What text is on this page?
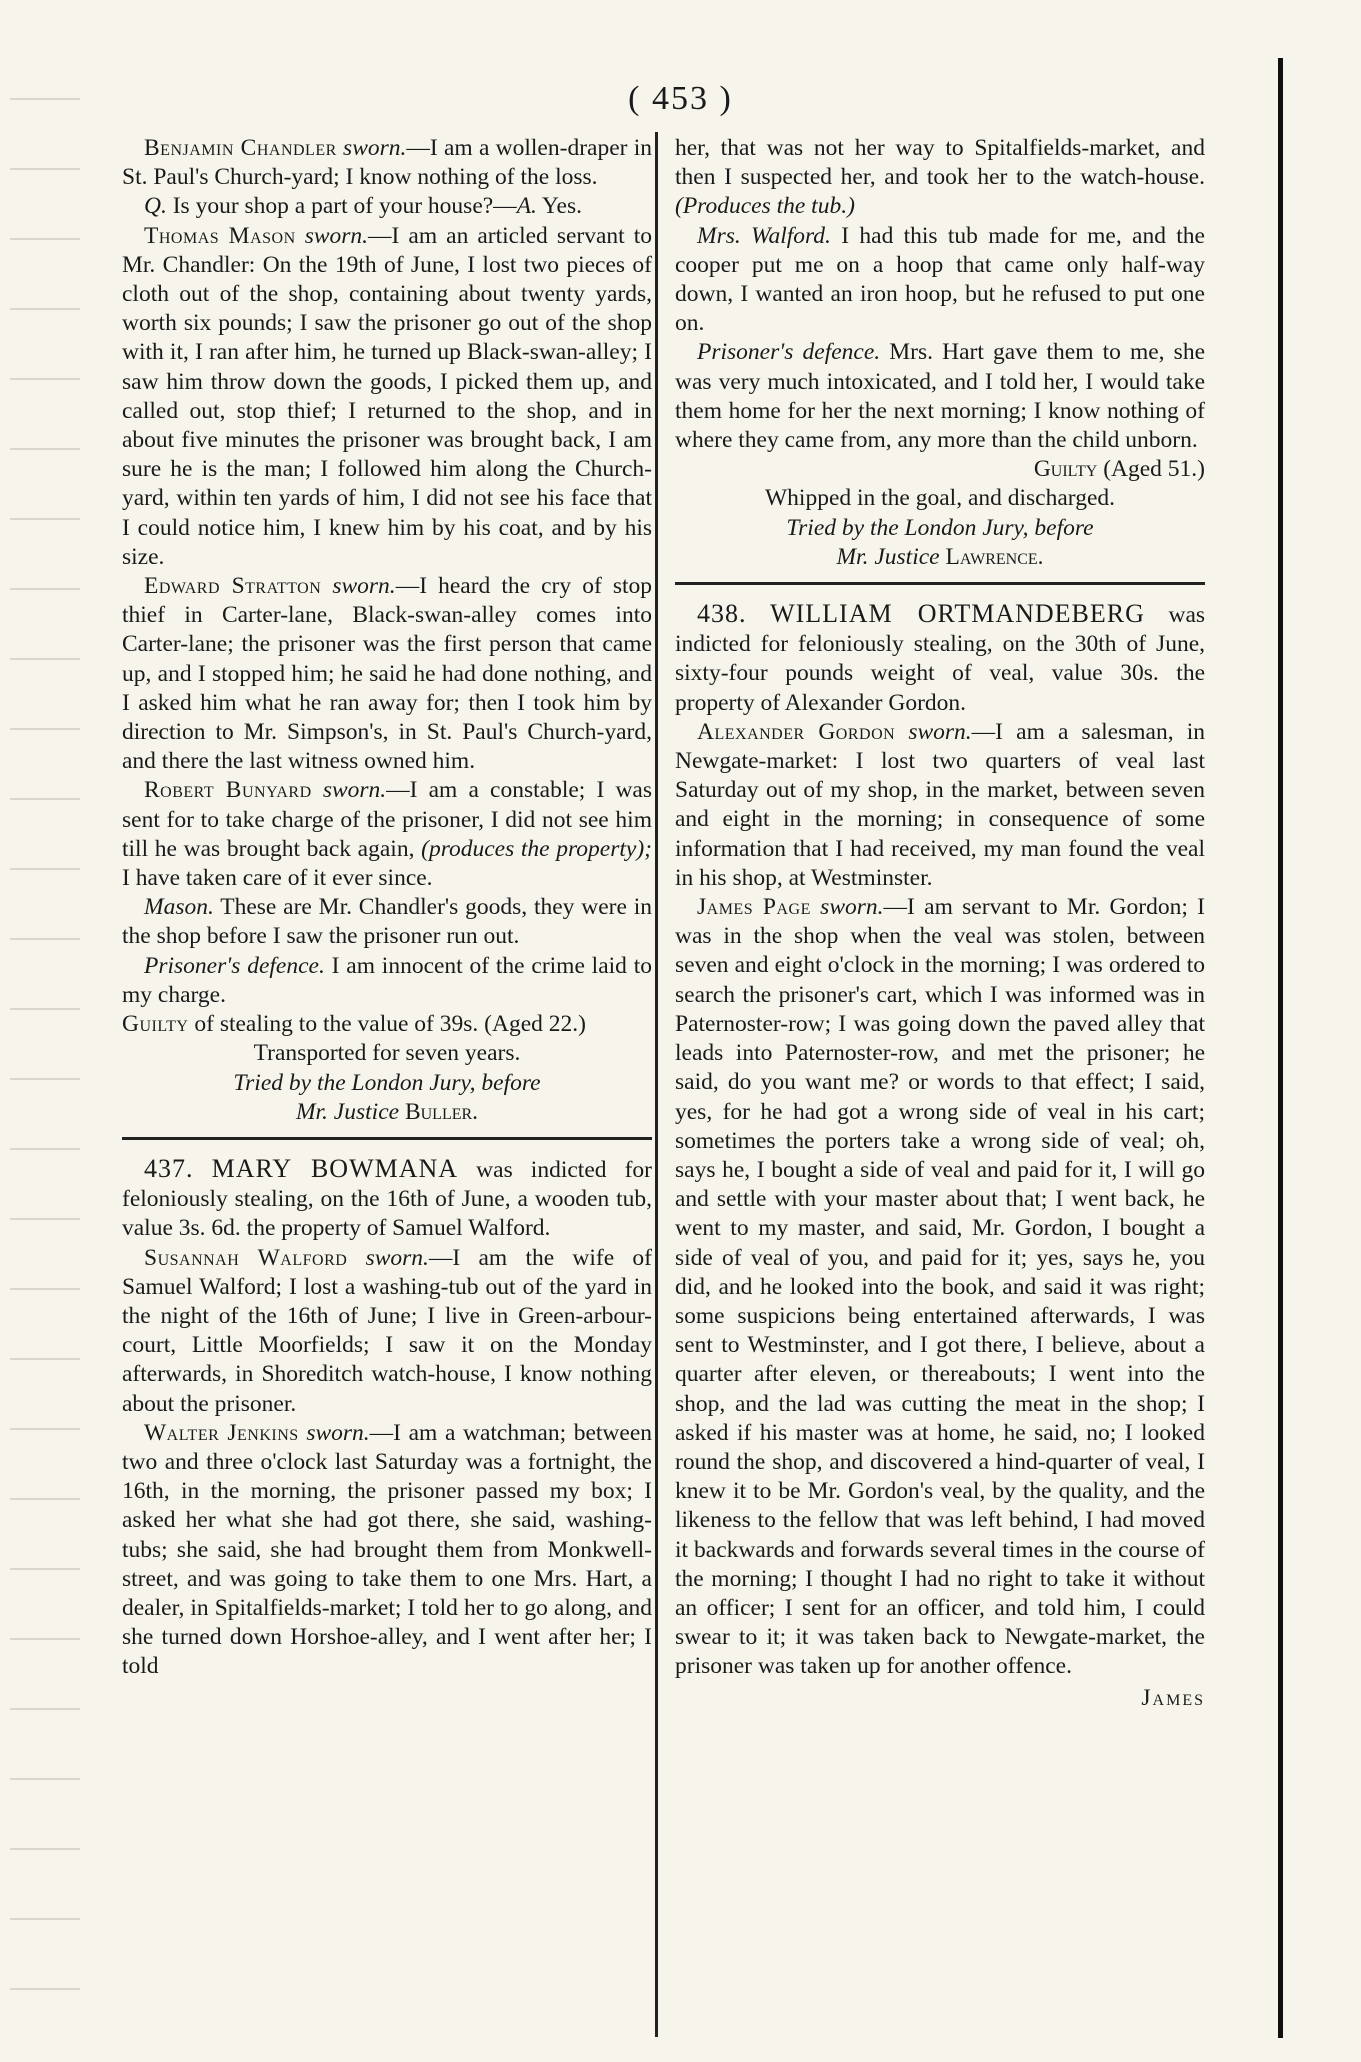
( 453 )

Benjamin Chandler sworn.—I am a wollen-draper in St. Paul's Church-yard; I know nothing of the loss.

Q. Is your shop a part of your house?—A. Yes.

Thomas Mason sworn.—I am an articled servant to Mr. Chandler: On the 19th of June, I lost two pieces of cloth out of the shop, containing about twenty yards, worth six pounds; I saw the prisoner go out of the shop with it, I ran after him, he turned up Black-swan-alley; I saw him throw down the goods, I picked them up, and called out, stop thief; I returned to the shop, and in about five minutes the prisoner was brought back, I am sure he is the man; I followed him along the Church-yard, within ten yards of him, I did not see his face that I could notice him, I knew him by his coat, and by his size.

Edward Stratton sworn.—I heard the cry of stop thief in Carter-lane, Black-swan-alley comes into Carter-lane; the prisoner was the first person that came up, and I stopped him; he said he had done nothing, and I asked him what he ran away for; then I took him by direction to Mr. Simpson's, in St. Paul's Church-yard, and there the last witness owned him.

Robert Bunyard sworn.—I am a constable; I was sent for to take charge of the prisoner, I did not see him till he was brought back again, (produces the property); I have taken care of it ever since.

Mason. These are Mr. Chandler's goods, they were in the shop before I saw the prisoner run out.

Prisoner's defence. I am innocent of the crime laid to my charge.

Guilty of stealing to the value of 39s. (Aged 22.)

Transported for seven years.

Tried by the London Jury, before

Mr. Justice Buller.

437. MARY BOWMANA was indicted for feloniously stealing, on the 16th of June, a wooden tub, value 3s. 6d. the property of Samuel Walford.

Susannah Walford sworn.—I am the wife of Samuel Walford; I lost a washing-tub out of the yard in the night of the 16th of June; I live in Green-arbour-court, Little Moorfields; I saw it on the Monday afterwards, in Shoreditch watch-house, I know nothing about the prisoner.

Walter Jenkins sworn.—I am a watchman; between two and three o'clock last Saturday was a fortnight, the 16th, in the morning, the prisoner passed my box; I asked her what she had got there, she said, washing-tubs; she said, she had brought them from Monkwell-street, and was going to take them to one Mrs. Hart, a dealer, in Spitalfields-market; I told her to go along, and she turned down Horshoe-alley, and I went after her; I told

her, that was not her way to Spitalfields-market, and then I suspected her, and took her to the watch-house. (Produces the tub.)

Mrs. Walford. I had this tub made for me, and the cooper put me on a hoop that came only half-way down, I wanted an iron hoop, but he refused to put one on.

Prisoner's defence. Mrs. Hart gave them to me, she was very much intoxicated, and I told her, I would take them home for her the next morning; I know nothing of where they came from, any more than the child unborn.

Guilty (Aged 51.)

Whipped in the goal, and discharged.

Tried by the London Jury, before

Mr. Justice Lawrence.

438. WILLIAM ORTMANDEBERG was indicted for feloniously stealing, on the 30th of June, sixty-four pounds weight of veal, value 30s. the property of Alexander Gordon.

Alexander Gordon sworn.—I am a salesman, in Newgate-market: I lost two quarters of veal last Saturday out of my shop, in the market, between seven and eight in the morning; in consequence of some information that I had received, my man found the veal in his shop, at Westminster.

James Page sworn.—I am servant to Mr. Gordon; I was in the shop when the veal was stolen, between seven and eight o'clock in the morning; I was ordered to search the prisoner's cart, which I was informed was in Paternoster-row; I was going down the paved alley that leads into Paternoster-row, and met the prisoner; he said, do you want me? or words to that effect; I said, yes, for he had got a wrong side of veal in his cart; sometimes the porters take a wrong side of veal; oh, says he, I bought a side of veal and paid for it, I will go and settle with your master about that; I went back, he went to my master, and said, Mr. Gordon, I bought a side of veal of you, and paid for it; yes, says he, you did, and he looked into the book, and said it was right; some suspicions being entertained afterwards, I was sent to Westminster, and I got there, I believe, about a quarter after eleven, or thereabouts; I went into the shop, and the lad was cutting the meat in the shop; I asked if his master was at home, he said, no; I looked round the shop, and discovered a hind-quarter of veal, I knew it to be Mr. Gordon's veal, by the quality, and the likeness to the fellow that was left behind, I had moved it backwards and forwards several times in the course of the morning; I thought I had no right to take it without an officer; I sent for an officer, and told him, I could swear to it; it was taken back to Newgate-market, the prisoner was taken up for another offence.

James
